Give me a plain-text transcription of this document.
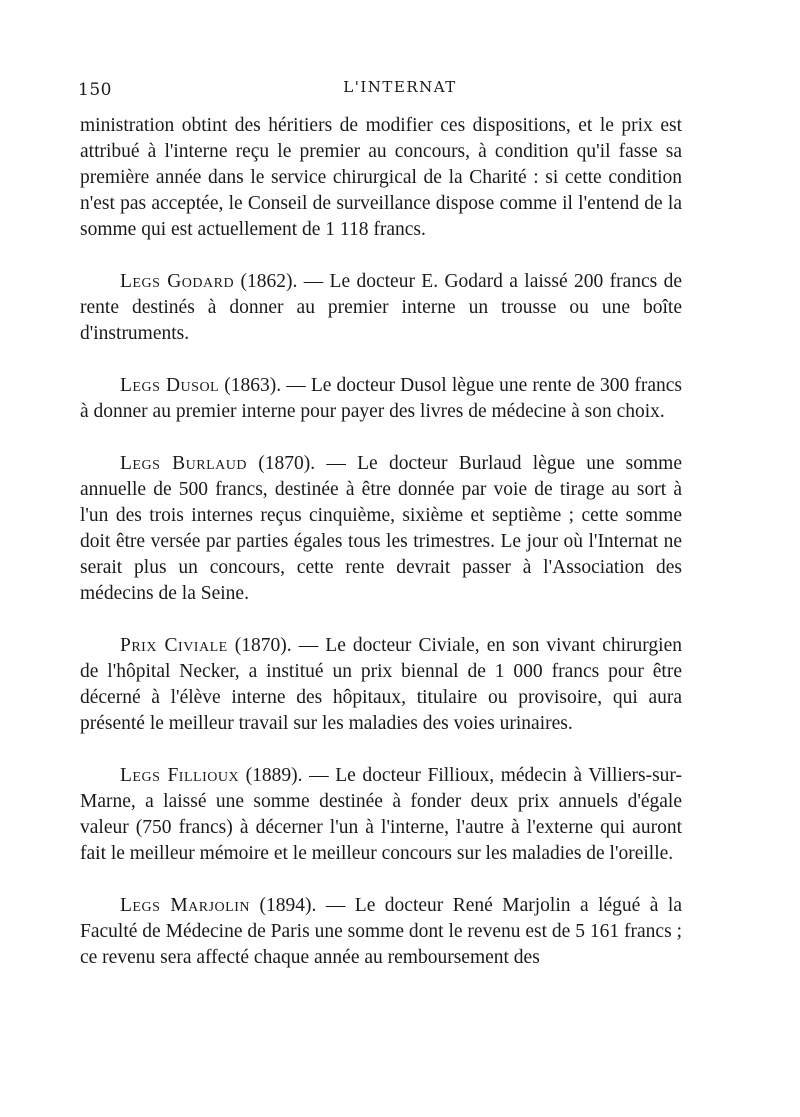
150	L'INTERNAT

ministration obtint des héritiers de modifier ces dispositions, et le prix est attribué à l'interne reçu le premier au concours, à condition qu'il fasse sa première année dans le service chirurgical de la Charité : si cette condition n'est pas acceptée, le Conseil de surveillance dispose comme il l'entend de la somme qui est actuellement de 1 118 francs.

Legs Godard (1862). — Le docteur E. Godard a laissé 200 francs de rente destinés à donner au premier interne un trousse ou une boîte d'instruments.

Legs Dusol (1863). — Le docteur Dusol lègue une rente de 300 francs à donner au premier interne pour payer des livres de médecine à son choix.

Legs Burlaud (1870). — Le docteur Burlaud lègue une somme annuelle de 500 francs, destinée à être donnée par voie de tirage au sort à l'un des trois internes reçus cinquième, sixième et septième ; cette somme doit être versée par parties égales tous les trimestres. Le jour où l'Internat ne serait plus un concours, cette rente devrait passer à l'Association des médecins de la Seine.

Prix Civiale (1870). — Le docteur Civiale, en son vivant chirurgien de l'hôpital Necker, a institué un prix biennal de 1 000 francs pour être décerné à l'élève interne des hôpitaux, titulaire ou provisoire, qui aura présenté le meilleur travail sur les maladies des voies urinaires.

Legs Fillioux (1889). — Le docteur Fillioux, médecin à Villiers-sur-Marne, a laissé une somme destinée à fonder deux prix annuels d'égale valeur (750 francs) à décerner l'un à l'interne, l'autre à l'externe qui auront fait le meilleur mémoire et le meilleur concours sur les maladies de l'oreille.

Legs Marjolin (1894). — Le docteur René Marjolin a légué à la Faculté de Médecine de Paris une somme dont le revenu est de 5 161 francs ; ce revenu sera affecté chaque année au remboursement des
